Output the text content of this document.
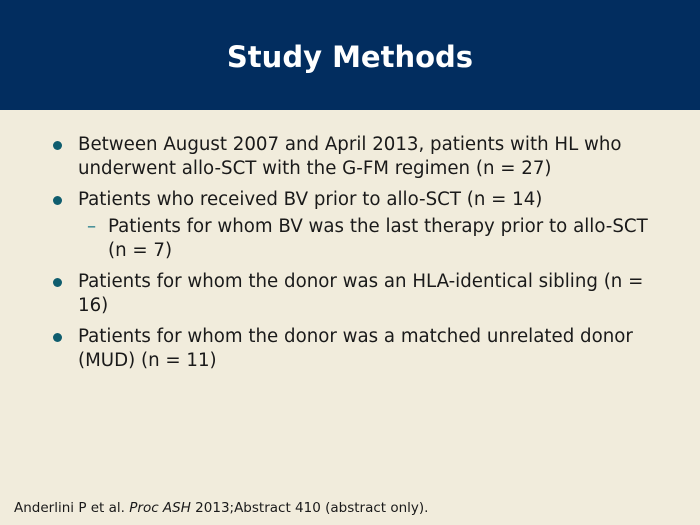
Study Methods
Between August 2007 and April 2013, patients with HL who underwent allo-SCT with the G-FM regimen (n = 27)
Patients who received BV prior to allo-SCT (n = 14)
– Patients for whom BV was the last therapy prior to allo-SCT (n = 7)
Patients for whom the donor was an HLA-identical sibling (n = 16)
Patients for whom the donor was a matched unrelated donor (MUD) (n = 11)
Anderlini P et al. Proc ASH 2013;Abstract 410 (abstract only).
